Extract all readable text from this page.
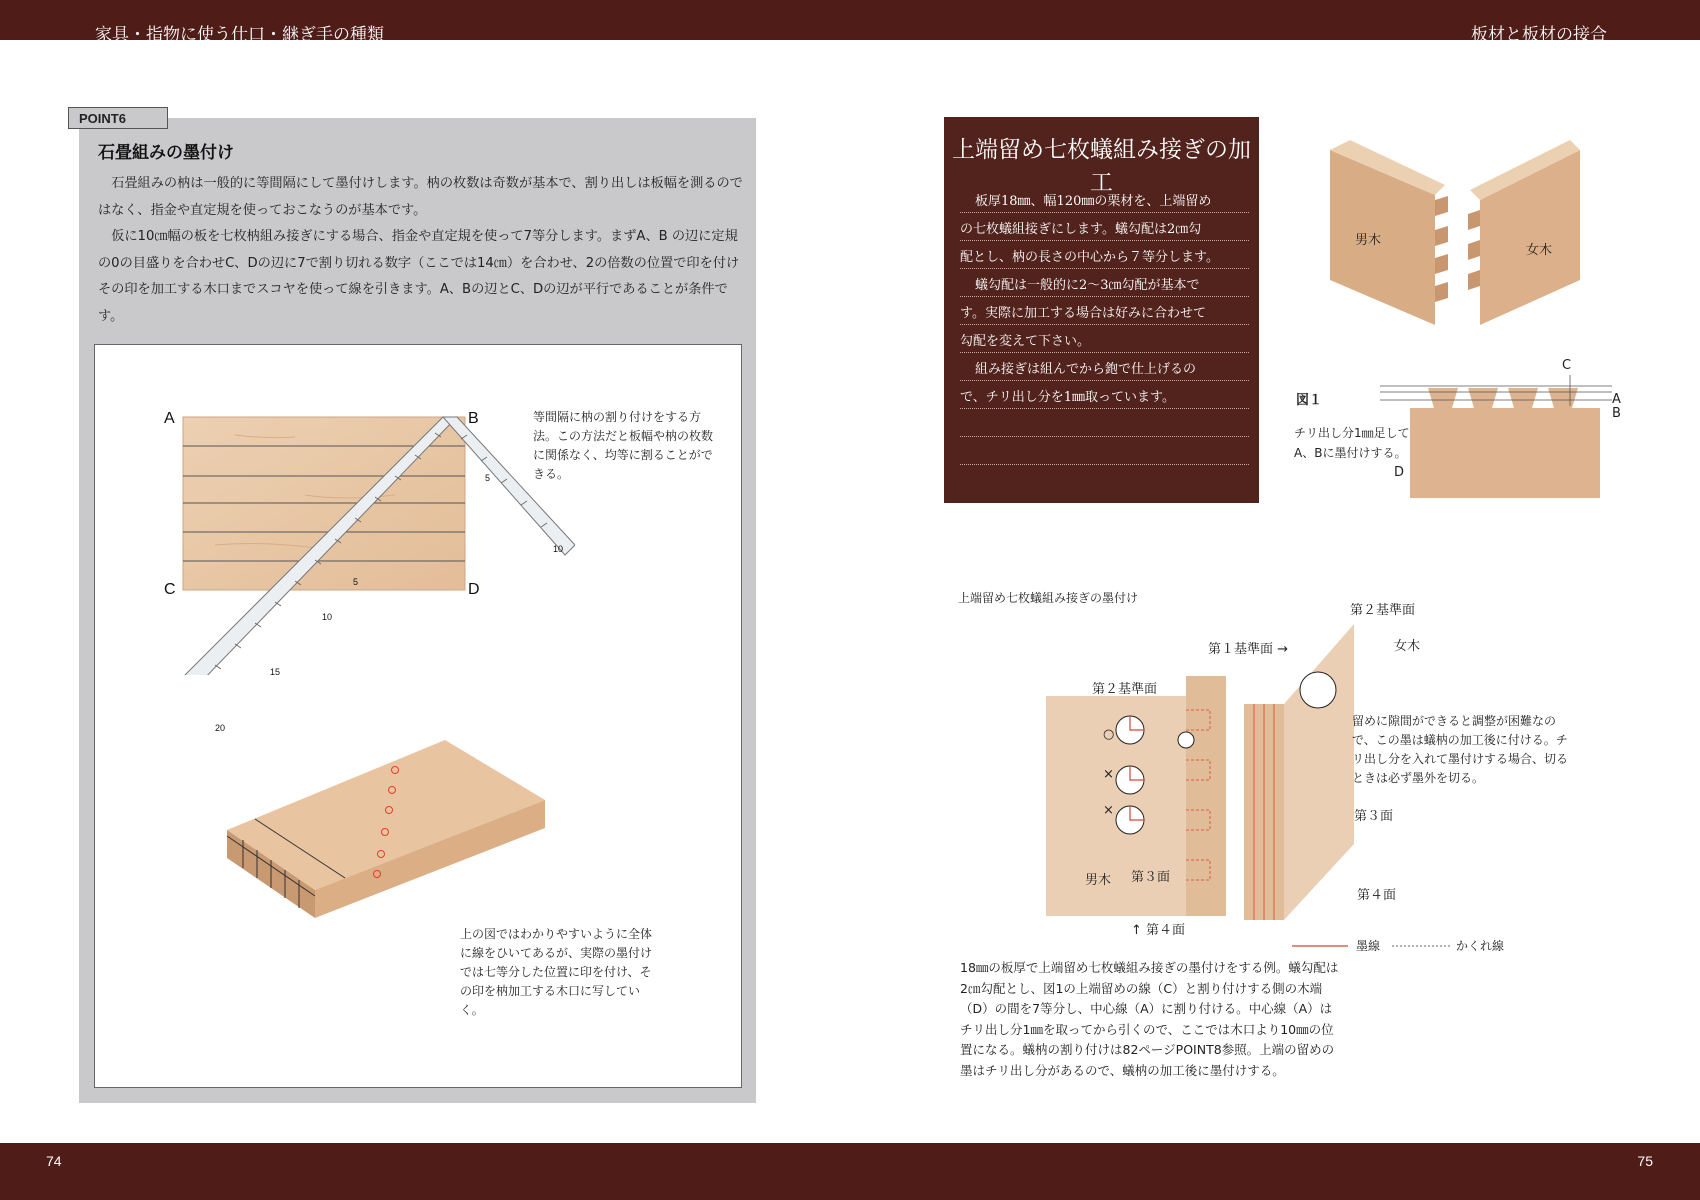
家具・指物に使う仕口・継ぎ手の種類	板材と板材の接合
74	75
POINT6
石畳組みの墨付け

石畳組みの枘は一般的に等間隔にして墨付けします。枘の枚数は奇数が基本で、割り出しは板幅を測るのではなく、指金や直定規を使っておこなうのが基本です。

仮に10㎝幅の板を七枚枘組み接ぎにする場合、指金や直定規を使って7等分します。まずA、B の辺に定規の0の目盛りを合わせC、Dの辺に7で割り切れる数字（ここでは14㎝）を合わせ、2の倍数の位置で印を付けその印を加工する木口までスコヤを使って線を引きます。A、Bの辺とC、Dの辺が平行であることが条件です。

5
10
15
20
5
10
A	B
C	D
等間隔に枘の割り付けをする方法。この方法だと板幅や枘の枚数に関係なく、均等に割ることができる。
上の図ではわかりやすいように全体に線をひいてあるが、実際の墨付けでは七等分した位置に印を付け、その印を枘加工する木口に写していく。
上端留め七枚蟻組み接ぎの加工
板厚18㎜、幅120㎜の栗材を、上端留め
の七枚蟻組接ぎにします。蟻勾配は2㎝勾
配とし、枘の長さの中心から７等分します。
蟻勾配は一般的に2〜3㎝勾配が基本で
す。実際に加工する場合は好みに合わせて
勾配を変えて下さい。
組み接ぎは組んでから鉋で仕上げるの
で、チリ出し分を1㎜取っています。
男木
女木
図１
チリ出し分1㎜足して
A、Bに墨付けする。
A
B
C
D
上端留め七枚蟻組み接ぎの墨付け
第１基準面 →
第２基準面
第２基準面
第３面
第３面
↑ 第４面
第４面
男木
女木
○
×
×
留めに隙間ができると調整が困難なので、この墨は蟻枘の加工後に付ける。チリ出し分を入れて墨付けする場合、切るときは必ず墨外を切る。
墨線	かくれ線
18㎜の板厚で上端留め七枚蟻組み接ぎの墨付けをする例。蟻勾配は2㎝勾配とし、図1の上端留めの線（C）と割り付けする側の木端（D）の間を7等分し、中心線（A）に割り付ける。中心線（A）はチリ出し分1㎜を取ってから引くので、ここでは木口より10㎜の位置になる。蟻枘の割り付けは82ページPOINT8参照。上端の留めの墨はチリ出し分があるので、蟻枘の加工後に墨付けする。
